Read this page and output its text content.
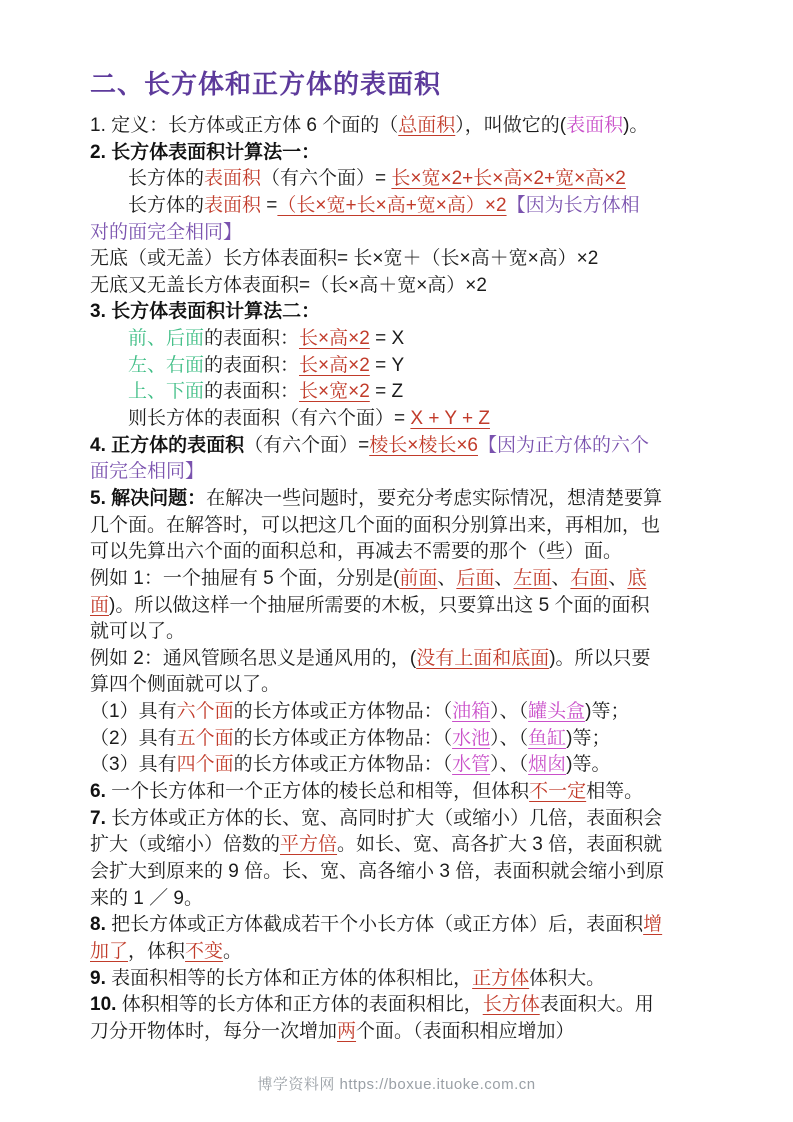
二、长方体和正方体的表面积
1. 定义：长方体或正方体 6 个面的（总面积），叫做它的(表面积)。
2. 长方体表面积计算法一：
长方体的表面积（有六个面）= 长×宽×2+长×高×2+宽×高×2
长方体的表面积 =（长×宽+长×高+宽×高）×2【因为长方体相
对的面完全相同】
无底（或无盖）长方体表面积= 长×宽＋（长×高＋宽×高）×2
无底又无盖长方体表面积=（长×高＋宽×高）×2
3. 长方体表面积计算法二：
前、后面的表面积：长×高×2 = X
左、右面的表面积：长×高×2 = Y
上、下面的表面积：长×宽×2 = Z
则长方体的表面积（有六个面）= X + Y + Z
4. 正方体的表面积（有六个面）=棱长×棱长×6【因为正方体的六个
面完全相同】
5. 解决问题：在解决一些问题时，要充分考虑实际情况，想清楚要算
几个面。在解答时，可以把这几个面的面积分别算出来，再相加，也
可以先算出六个面的面积总和，再减去不需要的那个（些）面。
例如 1：一个抽屉有 5 个面，分别是(前面、后面、左面、右面、底
面)。所以做这样一个抽屉所需要的木板，只要算出这 5 个面的面积
就可以了。
例如 2：通风管顾名思义是通风用的，(没有上面和底面)。所以只要
算四个侧面就可以了。
（1）具有六个面的长方体或正方体物品：（油箱）、（罐头盒)等；
（2）具有五个面的长方体或正方体物品：（水池）、（鱼缸)等；
（3）具有四个面的长方体或正方体物品：（水管）、（烟囱)等。
6. 一个长方体和一个正方体的棱长总和相等，但体积不一定相等。
7. 长方体或正方体的长、宽、高同时扩大（或缩小）几倍，表面积会
扩大（或缩小）倍数的平方倍。如长、宽、高各扩大 3 倍，表面积就
会扩大到原来的 9 倍。长、宽、高各缩小 3 倍，表面积就会缩小到原
来的 1 ／ 9。
8. 把长方体或正方体截成若干个小长方体（或正方体）后，表面积增
加了，体积不变。
9. 表面积相等的长方体和正方体的体积相比，正方体体积大。
10. 体积相等的长方体和正方体的表面积相比，长方体表面积大。用
刀分开物体时，每分一次增加两个面。（表面积相应增加）
博学资料网 https://boxue.ituoke.com.cn
